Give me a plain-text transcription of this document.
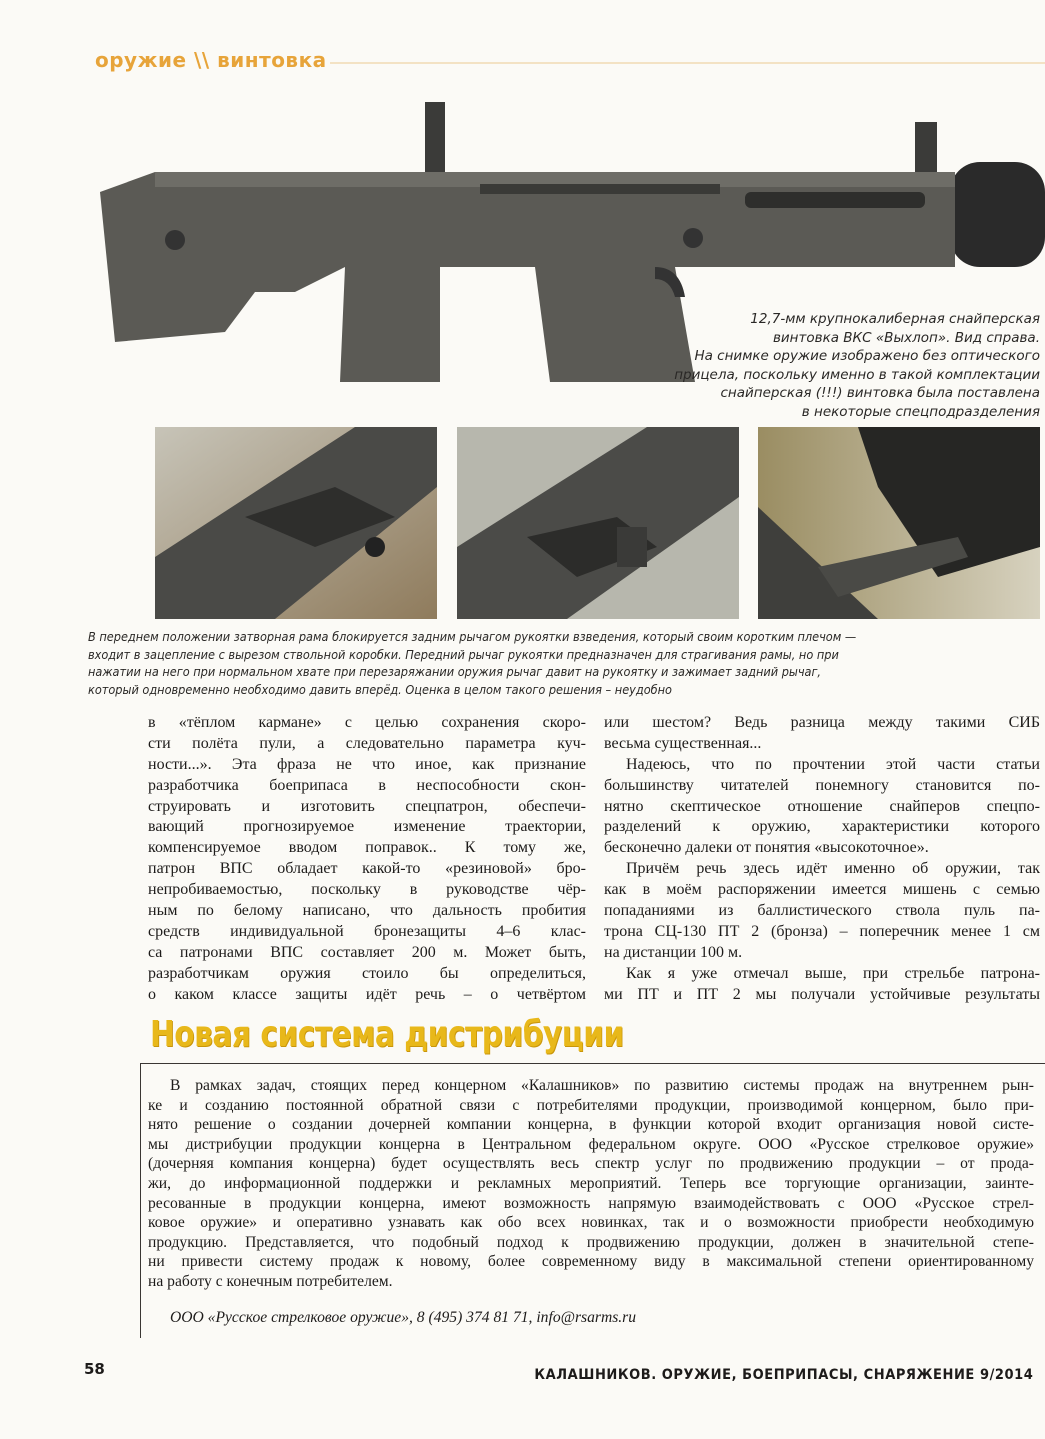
оружие \\ винтовка
12,7-мм крупнокалиберная снайперская
винтовка ВКС «Выхлоп». Вид справа.
На снимке оружие изображено без оптического
прицела, поскольку именно в такой комплектации
снайперская (!!!) винтовка была поставлена
в некоторые спецподразделения
В переднем положении затворная рама блокируется задним рычагом рукоятки взведения, который своим коротким плечом —
входит в зацепление с вырезом ствольной коробки. Передний рычаг рукоятки предназначен для страгивания рамы, но при
нажатии на него при нормальном хвате при перезаряжании оружия рычаг давит на рукоятку и зажимает задний рычаг,
который одновременно необходимо давить вперёд. Оценка в целом такого решения – неудобно
в «тёплом кармане» с целью сохранения скоро-
сти полёта пули, а следовательно параметра куч-
ности...». Эта фраза не что иное, как признание
разработчика боеприпаса в неспособности скон-
струировать и изготовить спецпатрон, обеспечи-
вающий прогнозируемое изменение траектории,
компенсируемое вводом поправок.. К тому же,
патрон ВПС обладает какой-то «резиновой» бро-
непробиваемостью, поскольку в руководстве чёр-
ным по белому написано, что дальность пробития
средств индивидуальной бронезащиты 4–6 клас-
са патронами ВПС составляет 200 м. Может быть,
разработчикам оружия стоило бы определиться,
о каком классе защиты идёт речь – о четвёртом
или шестом? Ведь разница между такими СИБ
весьма существенная...
Надеюсь, что по прочтении этой части статьи
большинству читателей понемногу становится по-
нятно скептическое отношение снайперов спецпо-
разделений к оружию, характеристики которого
бесконечно далеки от понятия «высокоточное».
Причём речь здесь идёт именно об оружии, так
как в моём распоряжении имеется мишень с семью
попаданиями из баллистического ствола пуль па-
трона СЦ-130 ПТ 2 (бронза) – поперечник менее 1 см
на дистанции 100 м.
Как я уже отмечал выше, при стрельбе патрона-
ми ПТ и ПТ 2 мы получали устойчивые результаты
Новая система дистрибуции
В рамках задач, стоящих перед концерном «Калашников» по развитию системы продаж на внутреннем рын-
ке и созданию постоянной обратной связи с потребителями продукции, производимой концерном, было при-
нято решение о создании дочерней компании концерна, в функции которой входит организация новой систе-
мы дистрибуции продукции концерна в Центральном федеральном округе. ООО «Русское стрелковое оружие»
(дочерняя компания концерна) будет осуществлять весь спектр услуг по продвижению продукции – от прода-
жи, до информационной поддержки и рекламных мероприятий. Теперь все торгующие организации, заинте-
ресованные в продукции концерна, имеют возможность напрямую взаимодействовать с ООО «Русское стрел-
ковое оружие» и оперативно узнавать как обо всех новинках, так и о возможности приобрести необходимую
продукцию. Представляется, что подобный подход к продвижению продукции, должен в значительной степе-
ни привести систему продаж к новому, более современному виду в максимальной степени ориентированному
на работу с конечным потребителем.
ООО «Русское стрелковое оружие», 8 (495) 374 81 71, info@rsarms.ru
58	КАЛАШНИКОВ. ОРУЖИЕ, БОЕПРИПАСЫ, СНАРЯЖЕНИЕ 9/2014
